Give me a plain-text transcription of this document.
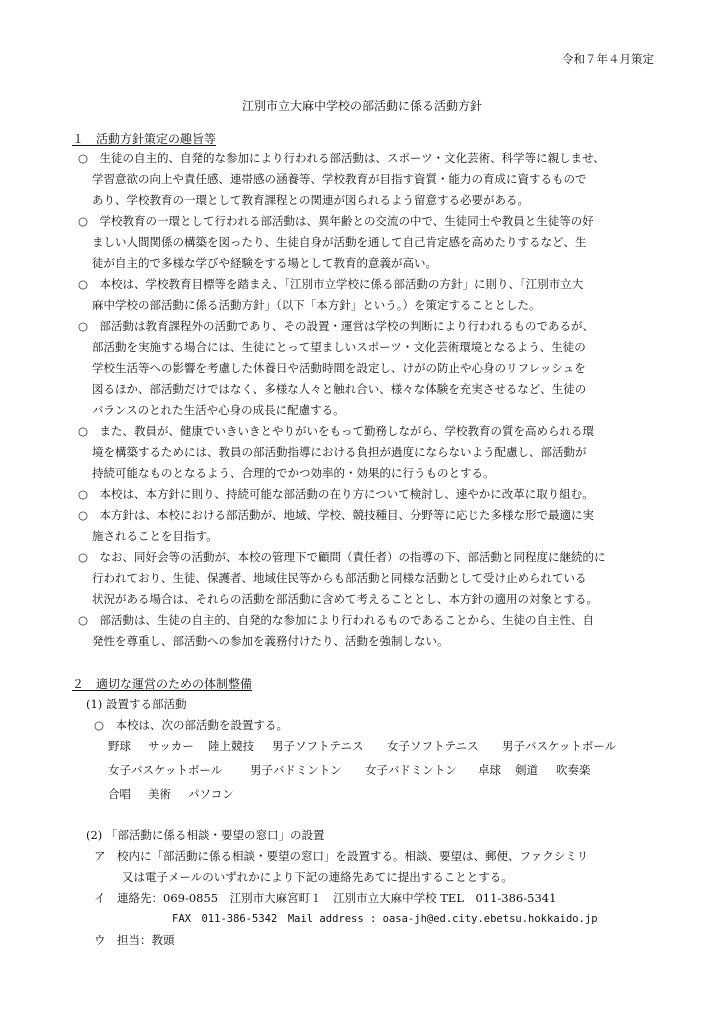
令和７年４月策定
江別市立大麻中学校の部活動に係る活動方針
１　活動方針策定の趣旨等
○　生徒の自主的、自発的な参加により行われる部活動は、スポーツ・文化芸術、科学等に親しませ、
学習意欲の向上や責任感、連帯感の涵養等、学校教育が目指す資質・能力の育成に資するもので
あり、学校教育の一環として教育課程との関連が図られるよう留意する必要がある。
○　学校教育の一環として行われる部活動は、異年齢との交流の中で、生徒同士や教員と生徒等の好
ましい人間関係の構築を図ったり、生徒自身が活動を通して自己肯定感を高めたりするなど、生
徒が自主的で多様な学びや経験をする場として教育的意義が高い。
○　本校は、学校教育目標等を踏まえ、「江別市立学校に係る部活動の方針」に則り、「江別市立大
麻中学校の部活動に係る活動方針」（以下「本方針」という。）を策定することとした。
○　部活動は教育課程外の活動であり、その設置・運営は学校の判断により行われるものであるが、
部活動を実施する場合には、生徒にとって望ましいスポーツ・文化芸術環境となるよう、生徒の
学校生活等への影響を考慮した休養日や活動時間を設定し、けがの防止や心身のリフレッシュを
図るほか、部活動だけではなく、多様な人々と触れ合い、様々な体験を充実させるなど、生徒の
バランスのとれた生活や心身の成長に配慮する。
○　また、教員が、健康でいきいきとやりがいをもって勤務しながら、学校教育の質を高められる環
境を構築するためには、教員の部活動指導における負担が過度にならないよう配慮し、部活動が
持続可能なものとなるよう、合理的でかつ効率的・効果的に行うものとする。
○　本校は、本方針に則り、持続可能な部活動の在り方について検討し、速やかに改革に取り組む。
○　本方針は、本校における部活動が、地域、学校、競技種目、分野等に応じた多様な形で最適に実
施されることを目指す。
○　なお、同好会等の活動が、本校の管理下で顧問（責任者）の指導の下、部活動と同程度に継続的に
行われており、生徒、保護者、地域住民等からも部活動と同様な活動として受け止められている
状況がある場合は、それらの活動を部活動に含めて考えることとし、本方針の適用の対象とする。
○　部活動は、生徒の自主的、自発的な参加により行われるものであることから、生徒の自主性、自
発性を尊重し、部活動への参加を義務付けたり、活動を強制しない。
２　適切な運営のための体制整備
(1) 設置する部活動
○　本校は、次の部活動を設置する。
野球 サッカー 陸上競技 男子ソフトテニス 女子ソフトテニス 男子バスケットボール
女子バスケットボール 男子バドミントン 女子バドミントン 卓球 剣道 吹奏楽
合唱 美術 パソコン
(2) 「部活動に係る相談・要望の窓口」の設置
ア　校内に「部活動に係る相談・要望の窓口」を設置する。相談、要望は、郵便、ファクシミリ
又は電子メールのいずれかにより下記の連絡先あてに提出することとする。
イ　連絡先：069-0855　江別市大麻宮町１　江別市立大麻中学校 TEL　011-386-5341
FAX　011-386-5342　Mail address : oasa-jh@ed.city.ebetsu.hokkaido.jp
ウ　担当：教頭
